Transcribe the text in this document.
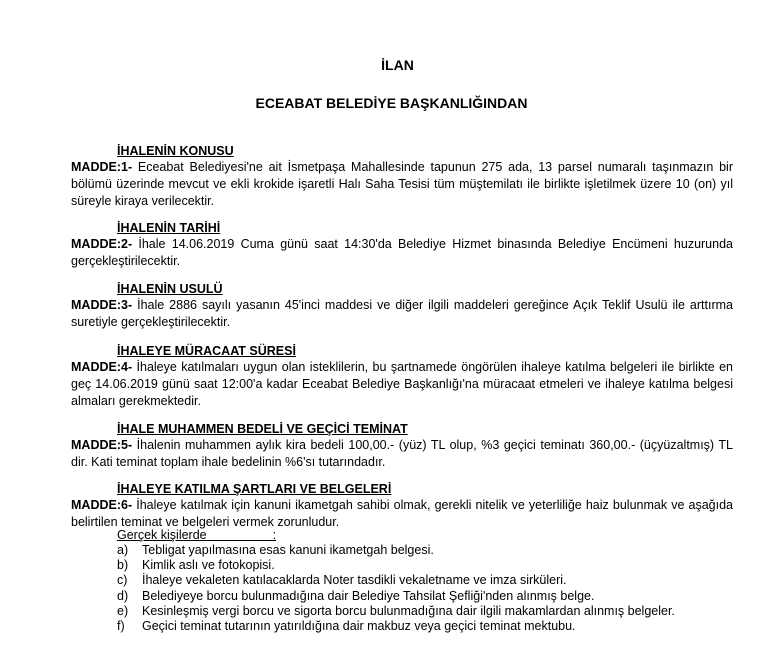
İLAN
ECEABAT BELEDİYE BAŞKANLIĞINDAN
İHALENİN KONUSU

MADDE:1- Eceabat Belediyesi'ne ait İsmetpaşa Mahallesinde tapunun 275 ada, 13 parsel numaralı taşınmazın bir bölümü üzerinde mevcut ve ekli krokide işaretli Halı Saha Tesisi tüm müştemilatı ile birlikte işletilmek üzere 10 (on) yıl süreyle kiraya verilecektir.

İHALENİN TARİHİ

MADDE:2- İhale 14.06.2019 Cuma günü saat 14:30'da Belediye Hizmet binasında Belediye Encümeni huzurunda gerçekleştirilecektir.

İHALENİN USULÜ

MADDE:3- İhale 2886 sayılı yasanın 45'inci maddesi ve diğer ilgili maddeleri gereğince Açık Teklif Usulü ile arttırma suretiyle gerçekleştirilecektir.

İHALEYE MÜRACAAT SÜRESİ

MADDE:4- İhaleye katılmaları uygun olan isteklilerin, bu şartnamede öngörülen ihaleye katılma belgeleri ile birlikte en geç 14.06.2019 günü saat 12:00'a kadar Eceabat Belediye Başkanlığı'na müracaat etmeleri ve ihaleye katılma belgesi almaları gerekmektedir.

İHALE MUHAMMEN BEDELİ VE GEÇİCİ TEMİNAT

MADDE:5- İhalenin muhammen aylık kira bedeli 100,00.- (yüz) TL olup, %3 geçici teminatı 360,00.- (üçyüzaltmış) TL dir. Kati teminat toplam ihale bedelinin %6'sı tutarındadır.

İHALEYE KATILMA ŞARTLARI VE BELGELERİ

MADDE:6- İhaleye katılmak için kanuni ikametgah sahibi olmak, gerekli nitelik ve yeterliliğe haiz bulunmak ve aşağıda belirtilen teminat ve belgeleri vermek zorunludur.

Gerçek kişilerde                   :
a) Tebligat yapılmasına esas kanuni ikametgah belgesi.
b) Kimlik aslı ve fotokopisi.
c) İhaleye vekaleten katılacaklarda Noter tasdikli vekaletname ve imza sirküleri.
d) Belediyeye borcu bulunmadığına dair Belediye Tahsilat Şefliği'nden alınmış belge.
e) Kesinleşmiş vergi borcu ve sigorta borcu bulunmadığına dair ilgili makamlardan alınmış belgeler.
f) Geçici teminat tutarının yatırıldığına dair makbuz veya geçici teminat mektubu.
